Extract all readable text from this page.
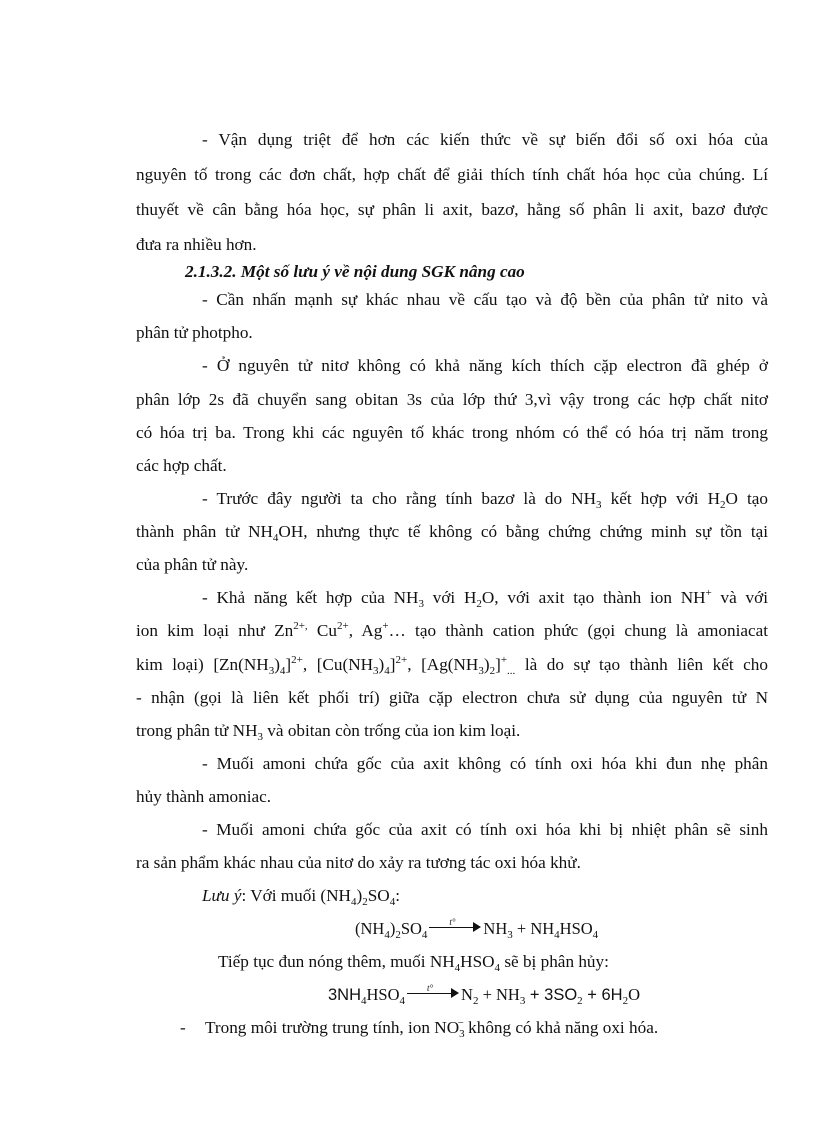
- Vận dụng triệt để hơn các kiến thức về sự biến đổi số oxi hóa của
nguyên tố trong các đơn chất, hợp chất để giải thích tính chất hóa học của chúng. Lí
thuyết về cân bằng hóa học, sự phân li axit, bazơ, hằng số phân li axit, bazơ được
đưa ra nhiều hơn.
2.1.3.2. Một số lưu ý về nội dung SGK nâng cao
- Cần nhấn mạnh sự khác nhau về cấu tạo và độ bền của phân tử nito và
phân tử photpho.
- Ở nguyên tử nitơ không có khả năng kích thích cặp electron đã ghép ở
phân lớp 2s đã chuyển sang obitan 3s của lớp thứ 3,vì vậy trong các hợp chất nitơ
có hóa trị ba. Trong khi các nguyên tố khác trong nhóm có thể có hóa trị năm trong
các hợp chất.
- Trước đây người ta cho rằng tính bazơ là do $NH_3$ kết hợp với $H_2O$ tạo
thành phân tử $NH_4OH$, nhưng thực tế không có bằng chứng chứng minh sự tồn tại
của phân tử này.
- Khả năng kết hợp của $NH_3$ với $H_2O$, với axit tạo thành ion NH+ và với
ion kim loại như $Zn^{2+,}$ $Cu^{2+}$, Ag+… tạo thành cation phức (gọi chung là amoniacat
kim loại) $[Zn(NH_3)_4]^{2+}$, $[Cu(NH_3)_4]^{2+}$, $[Ag(NH_3)_2]^+_{...}$ là do sự tạo thành liên kết cho
- nhận (gọi là liên kết phối trí) giữa cặp electron chưa sử dụng của nguyên tử N
trong phân tử $NH_3$ và obitan còn trống của ion kim loại.
- Muối amoni chứa gốc của axit không có tính oxi hóa khi đun nhẹ phân
hủy thành amoniac.
- Muối amoni chứa gốc của axit có tính oxi hóa khi bị nhiệt phân sẽ sinh
ra sản phẩm khác nhau của nitơ do xảy ra tương tác oxi hóa khử.
Lưu ý: Với muối $(NH_4)_2SO_4$:
$(NH_4)_2SO_4$
t° $NH_3 + NH_4HSO_4$
Tiếp tục đun nóng thêm, muối $NH_4HSO_4$ sẽ bị phân hủy:
$3NH_4HSO_4$
t° $N_2 + NH_3 + 3SO_2 + 6H_2O$
- Trong môi trường trung tính, ion $NO_3^-$ không có khả năng oxi hóa.
